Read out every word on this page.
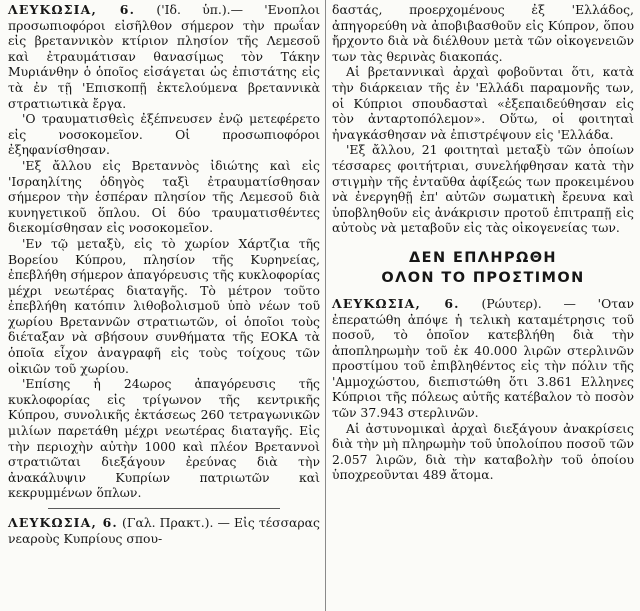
ΛΕΥΚΩΣΙΑ, 6. ('Ιδ. ὑπ.).— 'Ενοπλοι προσωπιοφόροι εἰσῆλθον σήμερον τὴν πρωΐαν εἰς βρεταννικὸν κτίριον πλησίον τῆς Λεμεσοῦ καὶ ἐτραυμάτισαν θανασίμως τὸν Τάκην Μυριάνθην ὁ ὁποῖος εἰσάγεται ὡς ἐπιστάτης εἰς τὰ ἐν τῇ 'Επισκοπῇ ἐκτελούμενα βρεταννικὰ στρατιωτικὰ ἔργα.

'Ο τραυματισθεὶς ἐξέπνευσεν ἐνῷ μετεφέρετο εἰς νοσοκομεῖον. Οἱ προσωπιοφόροι ἐξηφανίσθησαν.

'Εξ ἄλλου εἰς Βρεταννὸς ἰδιώτης καὶ εἰς 'Ισραηλίτης ὁδηγὸς ταξὶ ἐτραυματίσθησαν σήμερον τὴν ἑσπέραν πλησίον τῆς Λεμεσοῦ διὰ κυνηγετικοῦ ὅπλου. Οἱ δύο τραυματισθέντες διεκομίσθησαν εἰς νοσοκομεῖον.

'Εν τῷ μεταξὺ, εἰς τὸ χωρίον Χάρτζια τῆς Βορείου Κύπρου, πλησίον τῆς Κυρηνείας, ἐπεβλήθη σήμερον ἀπαγόρευσις τῆς κυκλοφορίας μέχρι νεωτέρας διαταγῆς. Τὸ μέτρον τοῦτο ἐπεβλήθη κατόπιν λιθοβολισμοῦ ὑπὸ νέων τοῦ χωρίου Βρεταννῶν στρατιωτῶν, οἱ ὁποῖοι τοὺς διέταξαν νὰ σβήσουν συνθήματα τῆς ΕΟΚΑ τὰ ὁποῖα εἶχον ἀναγραφῆ εἰς τοὺς τοίχους τῶν οἰκιῶν τοῦ χωρίου.

'Επίσης ἡ 24ωρος ἀπαγόρευσις τῆς κυκλοφορίας εἰς τρίγωνον τῆς κεντρικῆς Κύπρου, συνολικῆς ἐκτάσεως 260 τετραγωνικῶν μιλίων παρετάθη μέχρι νεωτέρας διαταγῆς. Εἰς τὴν περιοχὴν αὐτὴν 1000 καὶ πλέον Βρεταννοὶ στρατιῶται διεξάγουν ἐρεύνας διὰ τὴν ἀνακάλυψιν Κυπρίων πατριωτῶν καὶ κεκρυμμένων ὅπλων.

ΛΕΥΚΩΣΙΑ, 6. (Γαλ. Πρακτ.). — Εἰς τέσσαρας νεαροὺς Κυπρίους σπου-

δαστάς, προερχομένους ἐξ 'Ελλάδος, ἀπηγορεύθη νὰ ἀποβιβασθοῦν εἰς Κύπρον, ὅπου ἤρχοντο διὰ νὰ διέλθουν μετὰ τῶν οἰκογενειῶν των τὰς θερινὰς διακοπάς.

Αἱ βρεταννικαὶ ἀρχαὶ φοβοῦνται ὅτι, κατὰ τὴν διάρκειαν τῆς ἐν 'Ελλάδι παραμονῆς των, οἱ Κύπριοι σπουδασταὶ «ἐξεπαιδεύθησαν εἰς τὸν ἀνταρτοπόλεμον». Οὕτω, οἱ φοιτηταὶ ἠναγκάσθησαν νὰ ἐπιστρέψουν εἰς 'Ελλάδα.

'Εξ ἄλλου, 21 φοιτηταὶ μεταξὺ τῶν ὁποίων τέσσαρες φοιτήτριαι, συνελήφθησαν κατὰ τὴν στιγμὴν τῆς ἐνταῦθα ἀφίξεώς των προκειμένου νὰ ἐνεργηθῇ ἐπ' αὐτῶν σωματικὴ ἔρευνα καὶ ὑποβληθοῦν εἰς ἀνάκρισιν προτοῦ ἐπιτραπῇ εἰς αὐτοὺς νὰ μεταβοῦν εἰς τὰς οἰκογενείας των.

ΔΕΝ ΕΠΛΗΡΩΘΗ
ΟΛΟΝ ΤΟ ΠΡΟΣΤΙΜΟΝ

ΛΕΥΚΩΣΙΑ, 6. (Ρώυτερ). — 'Οταν ἐπερατώθη ἀπόψε ἡ τελικὴ καταμέτρησις τοῦ ποσοῦ, τὸ ὁποῖον κατεβλήθη διὰ τὴν ἀποπληρωμὴν τοῦ ἐκ 40.000 λιρῶν στερλινῶν προστίμου τοῦ ἐπιβληθέντος εἰς τὴν πόλιν τῆς 'Αμμοχώστου, διεπιστώθη ὅτι 3.861 Ελληνες Κύπριοι τῆς πόλεως αὐτῆς κατέβαλον τὸ ποσὸν τῶν 37.943 στερλινῶν.

Αἱ ἀστυνομικαὶ ἀρχαὶ διεξάγουν ἀνακρίσεις διὰ τὴν μὴ πληρωμὴν τοῦ ὑπολοίπου ποσοῦ τῶν 2.057 λιρῶν, διὰ τὴν καταβολὴν τοῦ ὁποίου ὑποχρεοῦνται 489 ἄτομα.
